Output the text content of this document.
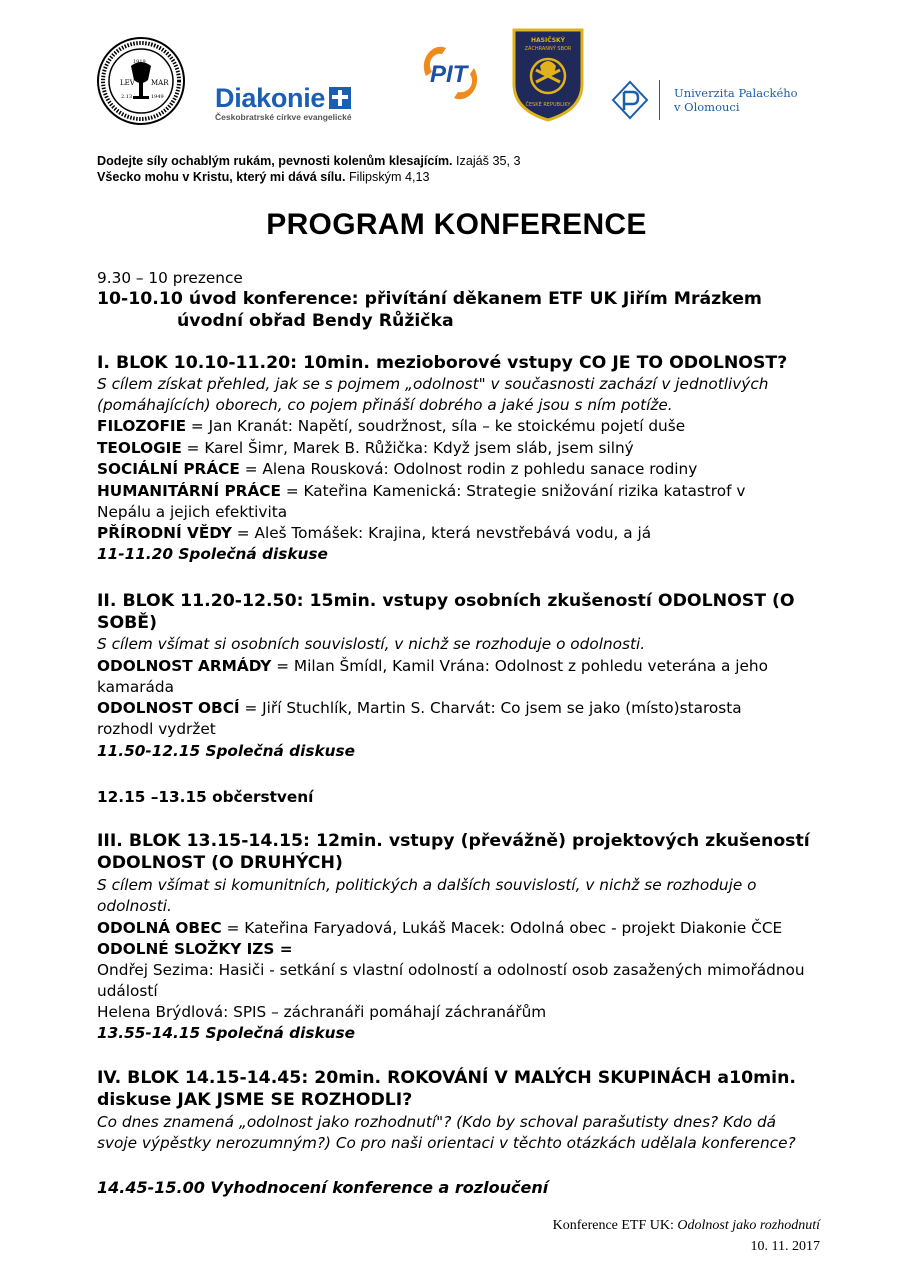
LEV MAR
1919
1949
2.13	Diakonie
Českobratrské církve evangelické
PIT
HASIČSKÝ
ZÁCHRANNÝ SBOR
ČESKÉ REPUBLIKY
Univerzita Palackého
v Olomouci
Dodejte síly ochablým rukám, pevnosti kolenům klesajícím. Izajáš 35, 3
Všecko mohu v Kristu, který mi dává sílu. Filipským 4,13
PROGRAM KONFERENCE
9.30 – 10 prezence
10-10.10 úvod konference: přivítání děkanem ETF UK Jiřím Mrázkem
úvodní obřad Bendy Růžička
I. BLOK 10.10-11.20: 10min. mezioborové vstupy CO JE TO ODOLNOST?
S cílem získat přehled, jak se s pojmem „odolnost" v současnosti zachází v jednotlivých
(pomáhajících) oborech, co pojem přináší dobrého a jaké jsou s ním potíže.
FILOZOFIE = Jan Kranát: Napětí, soudržnost, síla – ke stoickému pojetí duše
TEOLOGIE = Karel Šimr, Marek B. Růžička: Když jsem sláb, jsem silný
SOCIÁLNÍ PRÁCE = Alena Rousková: Odolnost rodin z pohledu sanace rodiny
HUMANITÁRNÍ PRÁCE = Kateřina Kamenická: Strategie snižování rizika katastrof v
Nepálu a jejich efektivita
PŘÍRODNÍ VĚDY = Aleš Tomášek: Krajina, která nevstřebává vodu, a já
11-11.20 Společná diskuse
II. BLOK 11.20-12.50: 15min. vstupy osobních zkušeností ODOLNOST (O
SOBĚ)
S cílem všímat si osobních souvislostí, v nichž se rozhoduje o odolnosti.
ODOLNOST ARMÁDY = Milan Šmídl, Kamil Vrána: Odolnost z pohledu veterána a jeho
kamaráda
ODOLNOST OBCÍ = Jiří Stuchlík, Martin S. Charvát: Co jsem se jako (místo)starosta
rozhodl vydržet
11.50-12.15 Společná diskuse
12.15 –13.15 občerstvení
III. BLOK 13.15-14.15: 12min. vstupy (převážně) projektových zkušeností
ODOLNOST (O DRUHÝCH)
S cílem všímat si komunitních, politických a dalších souvislostí, v nichž se rozhoduje o
odolnosti.
ODOLNÁ OBEC = Kateřina Faryadová, Lukáš Macek: Odolná obec - projekt Diakonie ČCE
ODOLNÉ SLOŽKY IZS =
Ondřej Sezima: Hasiči - setkání s vlastní odolností a odolností osob zasažených mimořádnou
událostí
Helena Brýdlová: SPIS – záchranáři pomáhají záchranářům
13.55-14.15 Společná diskuse
IV. BLOK 14.15-14.45: 20min. ROKOVÁNÍ V MALÝCH SKUPINÁCH a10min.
diskuse JAK JSME SE ROZHODLI?
Co dnes znamená „odolnost jako rozhodnutí"? (Kdo by schoval parašutisty dnes? Kdo dá
svoje výpěstky nerozumným?) Co pro naši orientaci v těchto otázkách udělala konference?
14.45-15.00 Vyhodnocení konference a rozloučení
Konference ETF UK: Odolnost jako rozhodnutí
10. 11. 2017
